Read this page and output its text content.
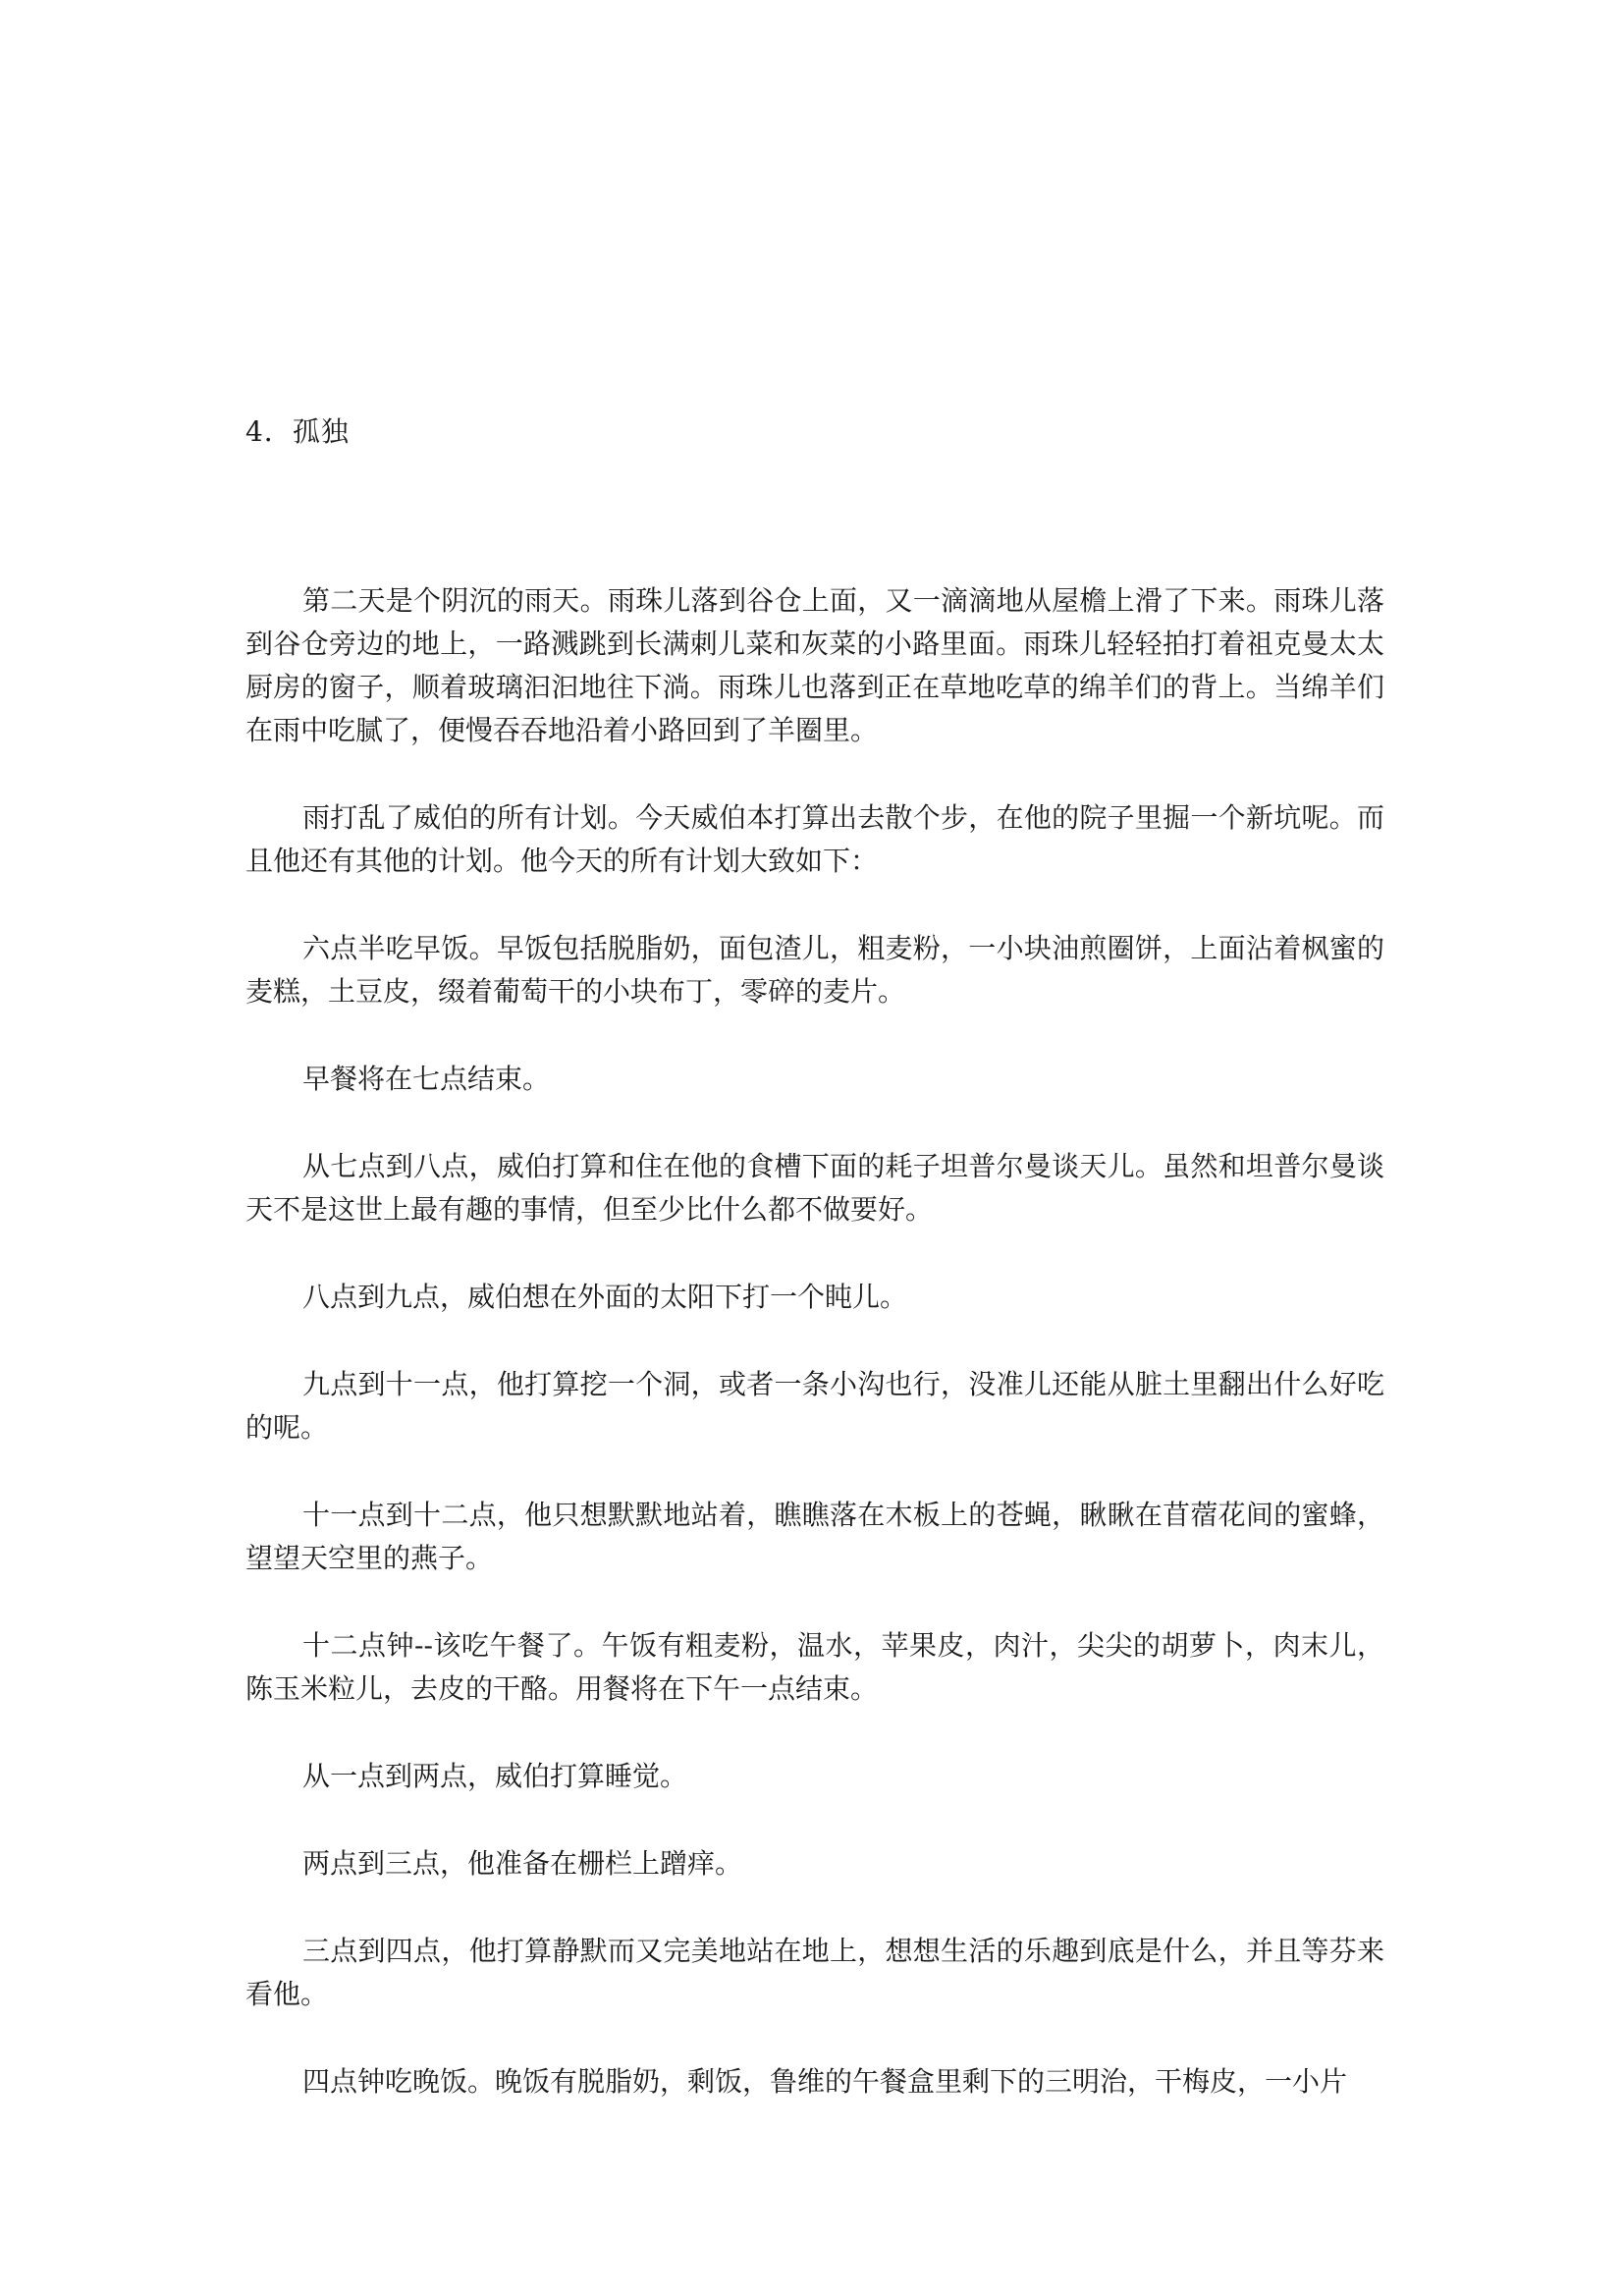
4．孤独

第二天是个阴沉的雨天。雨珠儿落到谷仓上面，又一滴滴地从屋檐上滑了下来。雨珠儿落到谷仓旁边的地上，一路溅跳到长满刺儿菜和灰菜的小路里面。雨珠儿轻轻拍打着祖克曼太太厨房的窗子，顺着玻璃汩汩地往下淌。雨珠儿也落到正在草地吃草的绵羊们的背上。当绵羊们在雨中吃腻了，便慢吞吞地沿着小路回到了羊圈里。

雨打乱了威伯的所有计划。今天威伯本打算出去散个步，在他的院子里掘一个新坑呢。而且他还有其他的计划。他今天的所有计划大致如下：

六点半吃早饭。早饭包括脱脂奶，面包渣儿，粗麦粉，一小块油煎圈饼，上面沾着枫蜜的麦糕，土豆皮，缀着葡萄干的小块布丁，零碎的麦片。

早餐将在七点结束。

从七点到八点，威伯打算和住在他的食槽下面的耗子坦普尔曼谈天儿。虽然和坦普尔曼谈天不是这世上最有趣的事情，但至少比什么都不做要好。

八点到九点，威伯想在外面的太阳下打一个盹儿。

九点到十一点，他打算挖一个洞，或者一条小沟也行，没准儿还能从脏土里翻出什么好吃的呢。

十一点到十二点，他只想默默地站着，瞧瞧落在木板上的苍蝇，瞅瞅在苜蓿花间的蜜蜂，望望天空里的燕子。

十二点钟--该吃午餐了。午饭有粗麦粉，温水，苹果皮，肉汁，尖尖的胡萝卜，肉末儿，陈玉米粒儿，去皮的干酪。用餐将在下午一点结束。

从一点到两点，威伯打算睡觉。

两点到三点，他准备在栅栏上蹭痒。

三点到四点，他打算静默而又完美地站在地上，想想生活的乐趣到底是什么，并且等芬来看他。

四点钟吃晚饭。晚饭有脱脂奶，剩饭，鲁维的午餐盒里剩下的三明治，干梅皮，一小片
